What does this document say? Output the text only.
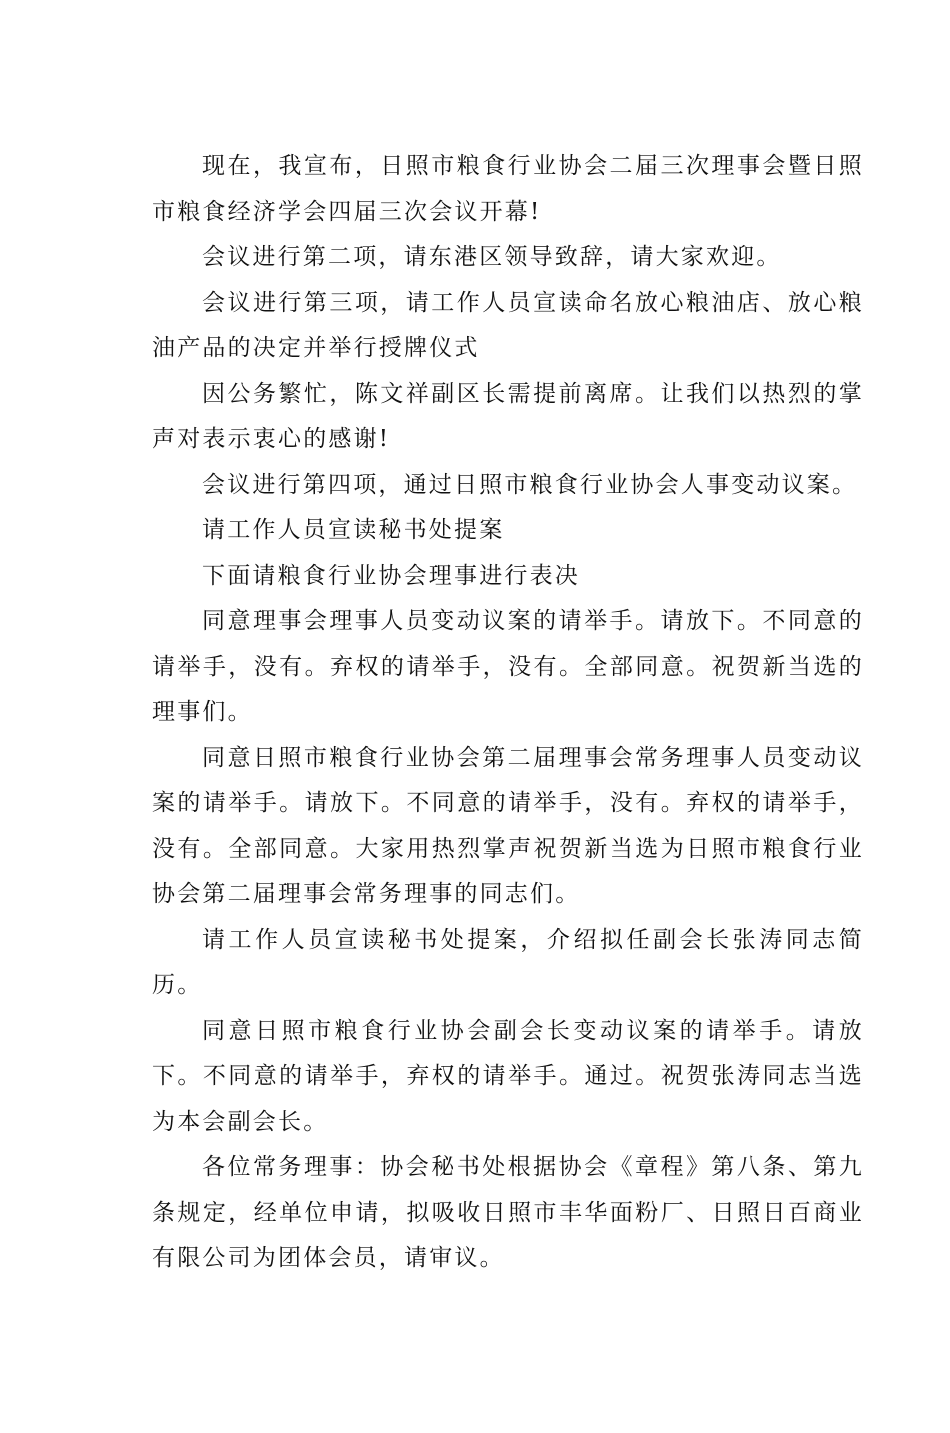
现在，我宣布，日照市粮食行业协会二届三次理事会暨日照市粮食经济学会四届三次会议开幕!

会议进行第二项，请东港区领导致辞，请大家欢迎。

会议进行第三项，请工作人员宣读命名放心粮油店、放心粮油产品的决定并举行授牌仪式

因公务繁忙，陈文祥副区长需提前离席。让我们以热烈的掌声对表示衷心的感谢!

会议进行第四项，通过日照市粮食行业协会人事变动议案。

请工作人员宣读秘书处提案

下面请粮食行业协会理事进行表决

同意理事会理事人员变动议案的请举手。请放下。不同意的请举手，没有。弃权的请举手，没有。全部同意。祝贺新当选的理事们。

同意日照市粮食行业协会第二届理事会常务理事人员变动议案的请举手。请放下。不同意的请举手，没有。弃权的请举手，没有。全部同意。大家用热烈掌声祝贺新当选为日照市粮食行业协会第二届理事会常务理事的同志们。

请工作人员宣读秘书处提案，介绍拟任副会长张涛同志简历。

同意日照市粮食行业协会副会长变动议案的请举手。请放下。不同意的请举手，弃权的请举手。通过。祝贺张涛同志当选为本会副会长。

各位常务理事：协会秘书处根据协会《章程》第八条、第九条规定，经单位申请，拟吸收日照市丰华面粉厂、日照日百商业有限公司为团体会员，请审议。
